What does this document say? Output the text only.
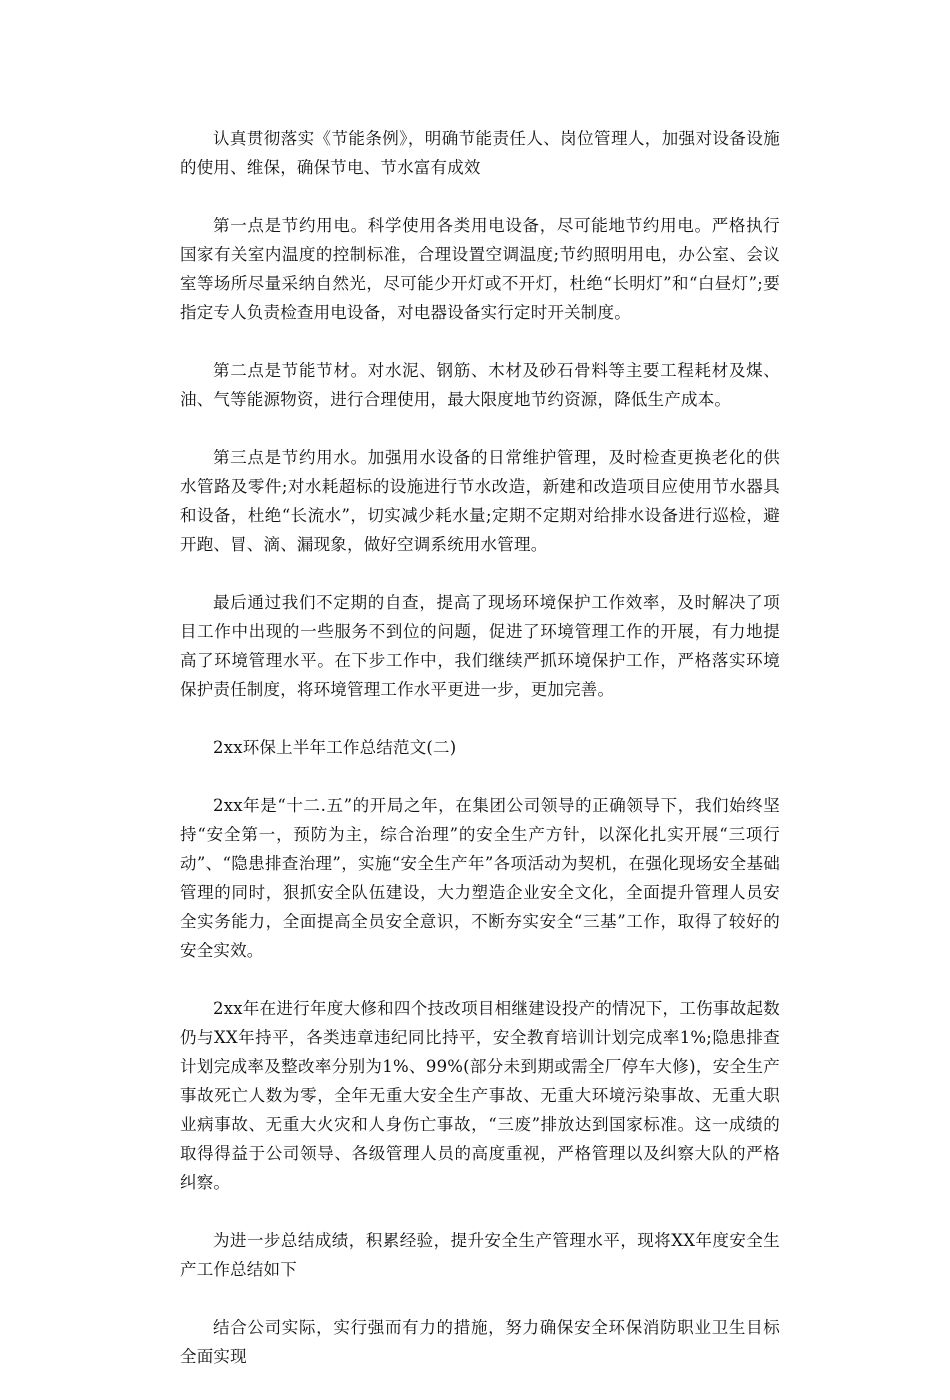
认真贯彻落实《节能条例》，明确节能责任人、岗位管理人，加强对设备设施的使用、维保，确保节电、节水富有成效

第一点是节约用电。科学使用各类用电设备，尽可能地节约用电。严格执行国家有关室内温度的控制标准，合理设置空调温度;节约照明用电，办公室、会议室等场所尽量采纳自然光，尽可能少开灯或不开灯，杜绝“长明灯”和“白昼灯”;要指定专人负责检查用电设备，对电器设备实行定时开关制度。

第二点是节能节材。对水泥、钢筋、木材及砂石骨料等主要工程耗材及煤、油、气等能源物资，进行合理使用，最大限度地节约资源，降低生产成本。

第三点是节约用水。加强用水设备的日常维护管理，及时检查更换老化的供水管路及零件;对水耗超标的设施进行节水改造，新建和改造项目应使用节水器具和设备，杜绝“长流水”，切实减少耗水量;定期不定期对给排水设备进行巡检，避开跑、冒、滴、漏现象，做好空调系统用水管理。

最后通过我们不定期的自查，提高了现场环境保护工作效率，及时解决了项目工作中出现的一些服务不到位的问题，促进了环境管理工作的开展，有力地提高了环境管理水平。在下步工作中，我们继续严抓环境保护工作，严格落实环境保护责任制度，将环境管理工作水平更进一步，更加完善。

2xx环保上半年工作总结范文(二)

2xx年是“十二.五”的开局之年，在集团公司领导的正确领导下，我们始终坚持“安全第一，预防为主，综合治理”的安全生产方针，以深化扎实开展“三项行动”、“隐患排查治理”，实施“安全生产年”各项活动为契机，在强化现场安全基础管理的同时，狠抓安全队伍建设，大力塑造企业安全文化，全面提升管理人员安全实务能力，全面提高全员安全意识，不断夯实安全“三基”工作，取得了较好的安全实效。

2xx年在进行年度大修和四个技改项目相继建设投产的情况下，工伤事故起数仍与XX年持平，各类违章违纪同比持平，安全教育培训计划完成率1%;隐患排查计划完成率及整改率分别为1%、99%(部分未到期或需全厂停车大修)，安全生产事故死亡人数为零，全年无重大安全生产事故、无重大环境污染事故、无重大职业病事故、无重大火灾和人身伤亡事故，“三废”排放达到国家标准。这一成绩的取得得益于公司领导、各级管理人员的高度重视，严格管理以及纠察大队的严格纠察。

为进一步总结成绩，积累经验，提升安全生产管理水平，现将XX年度安全生产工作总结如下

结合公司实际，实行强而有力的措施，努力确保安全环保消防职业卫生目标全面实现
